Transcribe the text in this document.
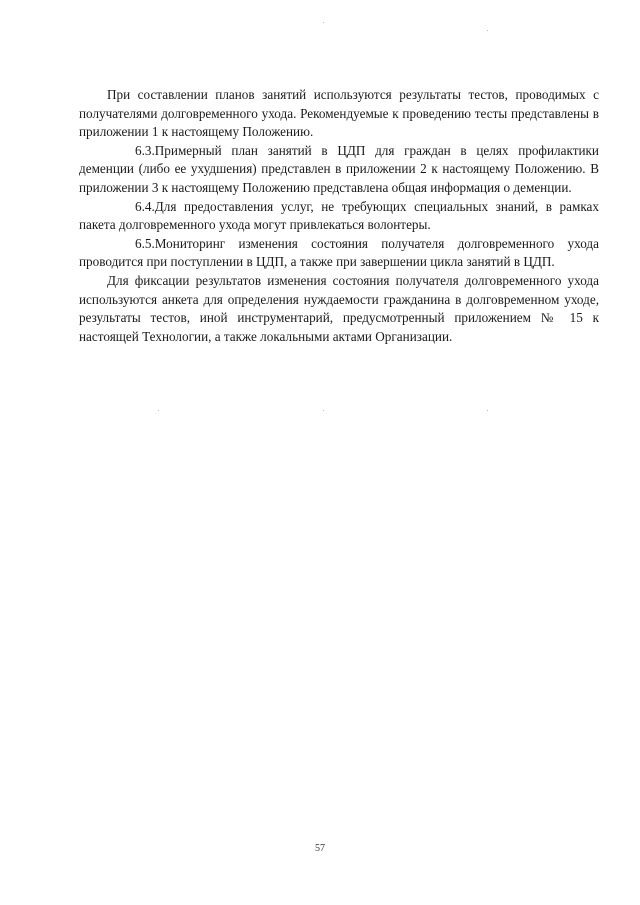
При составлении планов занятий используются результаты тестов, проводимых с получателями долговременного ухода. Рекомендуемые к проведению тесты представлены в приложении 1 к настоящему Положению.

6.3.Примерный план занятий в ЦДП для граждан в целях профилактики деменции (либо ее ухудшения) представлен в приложении 2 к настоящему Положению. В приложении 3 к настоящему Положению представлена общая информация о деменции.

6.4.Для предоставления услуг, не требующих специальных знаний, в рамках пакета долговременного ухода могут привлекаться волонтеры.

6.5.Мониторинг изменения состояния получателя долговременного ухода проводится при поступлении в ЦДП, а также при завершении цикла занятий в ЦДП.

Для фиксации результатов изменения состояния получателя долговременного ухода используются анкета для определения нуждаемости гражданина в долговременном уходе, результаты тестов, иной инструментарий, предусмотренный приложением № 15 к настоящей Технологии, а также локальными актами Организации.

57
